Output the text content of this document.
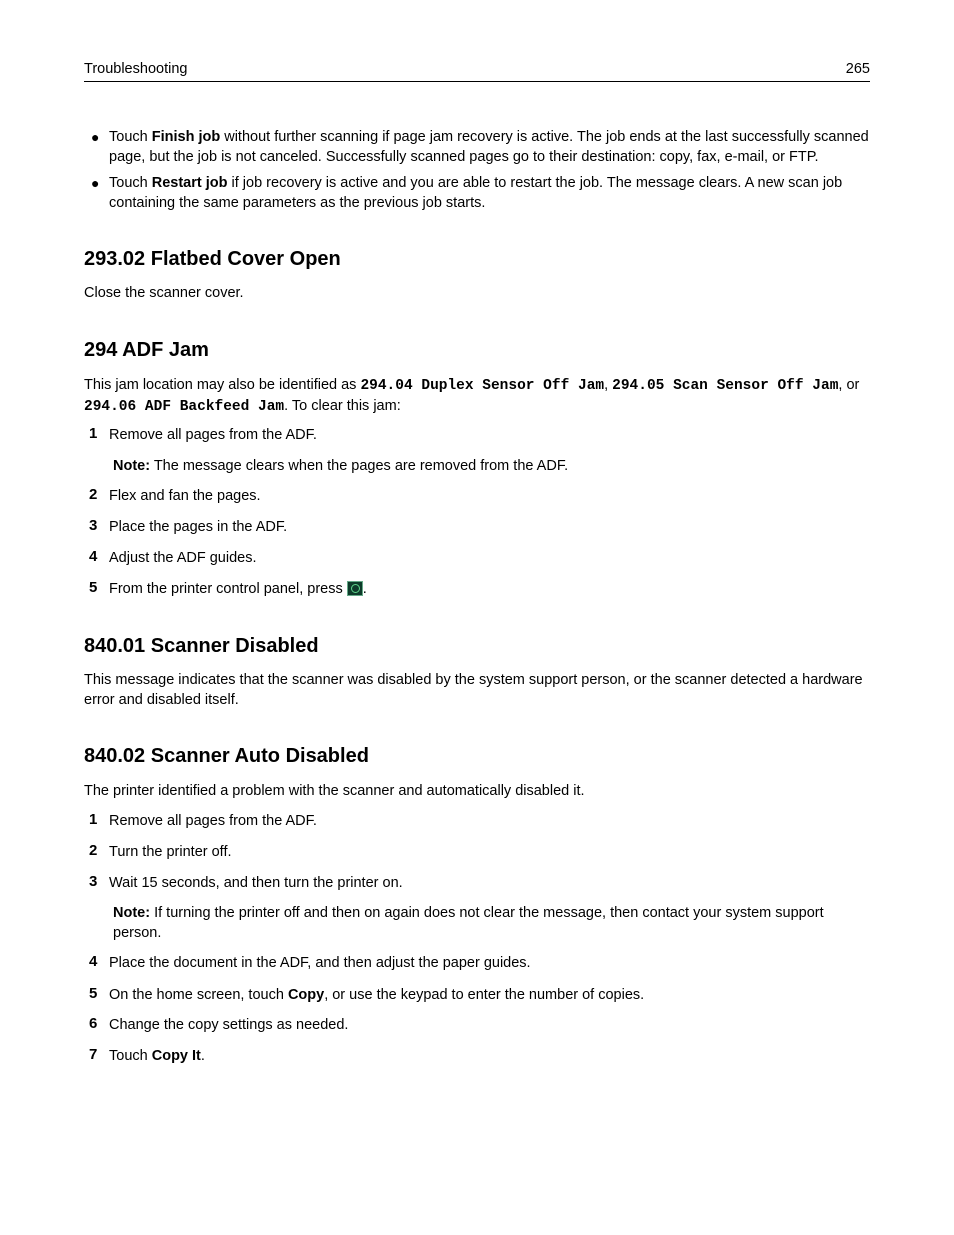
Troubleshooting	265
● Touch Finish job without further scanning if page jam recovery is active. The job ends at the last successfully scanned page, but the job is not canceled. Successfully scanned pages go to their destination: copy, fax, e‑mail, or FTP.
● Touch Restart job if job recovery is active and you are able to restart the job. The message clears. A new scan job containing the same parameters as the previous job starts.
293.02 Flatbed Cover Open
Close the scanner cover.
294 ADF Jam
This jam location may also be identified as 294.04 Duplex Sensor Off Jam, 294.05 Scan Sensor Off Jam, or 294.06 ADF Backfeed Jam. To clear this jam:
1 Remove all pages from the ADF.
Note: The message clears when the pages are removed from the ADF.
2 Flex and fan the pages.
3 Place the pages in the ADF.
4 Adjust the ADF guides.
5 From the printer control panel, press .
840.01 Scanner Disabled
This message indicates that the scanner was disabled by the system support person, or the scanner detected a hardware error and disabled itself.
840.02 Scanner Auto Disabled
The printer identified a problem with the scanner and automatically disabled it.
1 Remove all pages from the ADF.
2 Turn the printer off.
3 Wait 15 seconds, and then turn the printer on.
Note: If turning the printer off and then on again does not clear the message, then contact your system support person.
4 Place the document in the ADF, and then adjust the paper guides.
5 On the home screen, touch Copy, or use the keypad to enter the number of copies.
6 Change the copy settings as needed.
7 Touch Copy It.
